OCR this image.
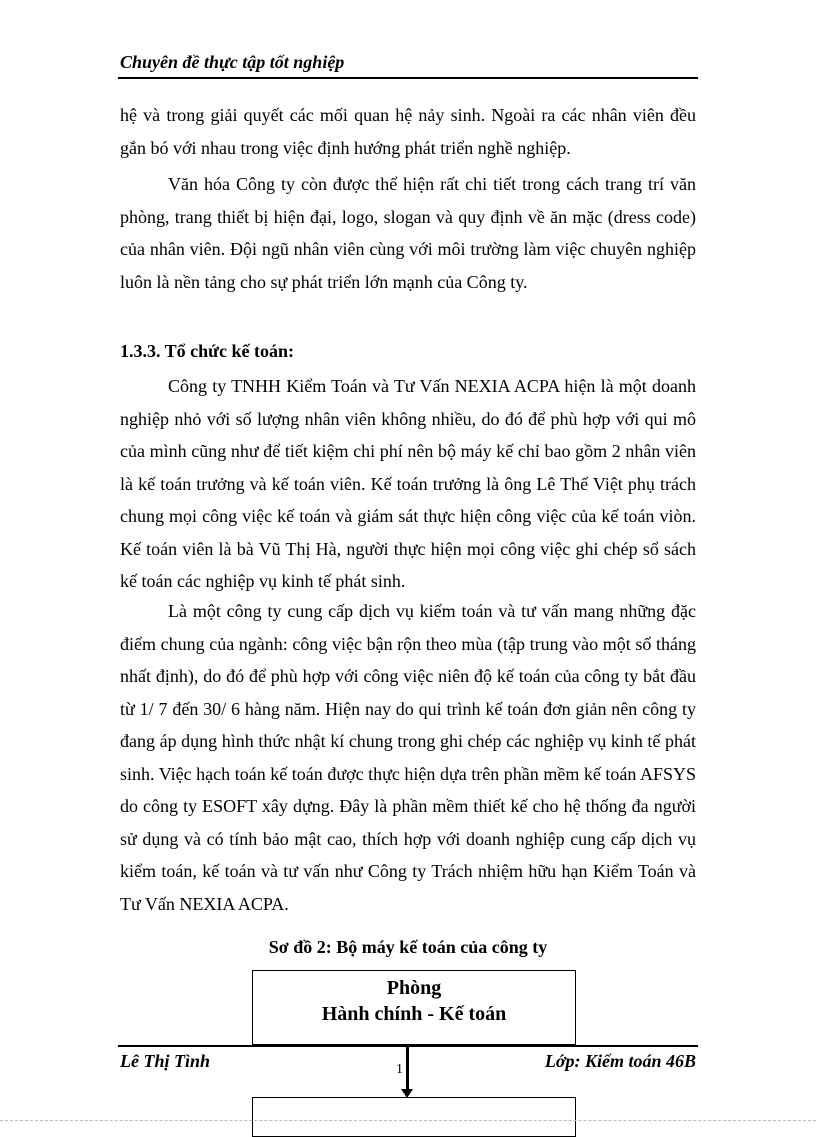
Chuyên đề thực tập tốt nghiệp

hệ và trong giải quyết các mối quan hệ nảy sinh. Ngoài ra các nhân viên đều gắn bó với nhau trong việc định hướng phát triển nghề nghiệp.

Văn hóa Công ty còn được thể hiện rất chi tiết trong cách trang trí văn phòng, trang thiết bị hiện đại, logo, slogan và quy định về ăn mặc (dress code) của nhân viên. Đội ngũ nhân viên cùng với môi trường làm việc chuyên nghiệp luôn là nền tảng cho sự phát triển lớn mạnh của Công ty.

1.3.3. Tổ chức kế toán:

Công ty TNHH Kiểm Toán và Tư Vấn NEXIA ACPA hiện là một doanh nghiệp nhỏ với số lượng nhân viên không nhiều, do đó để phù hợp với qui mô của mình cũng như để tiết kiệm chi phí nên bộ máy kế chỉ bao gồm 2 nhân viên là kế toán trưởng và kế toán viên. Kế toán trưởng là ông Lê Thế Việt phụ trách chung mọi công việc kế toán và giám sát thực hiện công việc của kế toán viòn. Kế toán viên là bà Vũ Thị Hà, người thực hiện mọi công việc ghi chép sổ sách kế toán các nghiệp vụ kinh tế phát sinh.

Là một công ty cung cấp dịch vụ kiểm toán và tư vấn mang những đặc điểm chung của ngành: công việc bận rộn theo mùa (tập trung vào một số tháng nhất định), do đó để phù hợp với công việc niên độ kế toán của công ty bắt đầu từ 1/ 7 đến 30/ 6 hàng năm. Hiện nay do qui trình kế toán đơn giản nên công ty đang áp dụng hình thức nhật kí chung trong ghi chép các nghiệp vụ kinh tế phát sinh. Việc hạch toán kế toán được thực hiện dựa trên phần mềm kế toán AFSYS do công ty ESOFT xây dựng. Đây là phần mềm thiết kế cho hệ thống đa người sử dụng và có tính bảo mật cao, thích hợp với doanh nghiệp cung cấp dịch vụ kiểm toán, kế toán và tư vấn như Công ty Trách nhiệm hữu hạn Kiểm Toán và Tư Vấn NEXIA ACPA.

Sơ đồ 2: Bộ máy kế toán của công ty
Phòng
Hành chính - Kế toán
Lê Thị Tình	1	Lớp: Kiểm toán 46B
